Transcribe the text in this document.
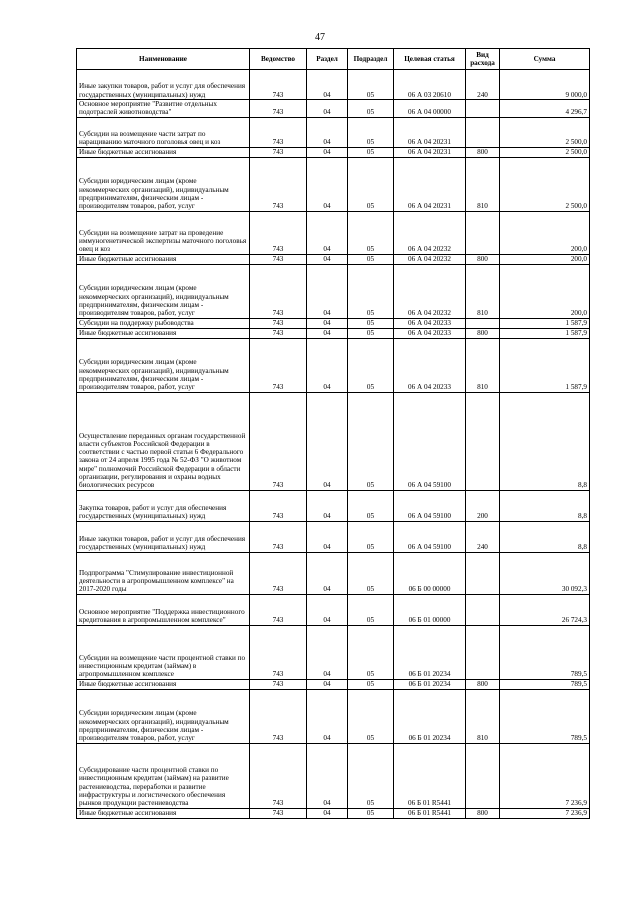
47
Наименование	Ведомство	Раздел	Подраздел	Целевая статья	Вид расхода	Сумма
Иные закупки товаров, работ и услуг для обеспечения государственных (муниципальных) нужд	743	04	05	06 А 03 20610	240	9 000,0
Основное мероприятие "Развитие отдельных подотраслей животноводства"	743	04	05	06 А 04 00000		4 296,7
Субсидии на возмещение части затрат по наращиванию маточного поголовья овец и коз	743	04	05	06 А 04 20231		2 500,0
Иные бюджетные ассигнования	743	04	05	06 А 04 20231	800	2 500,0
Субсидии юридическим лицам (кроме некоммерческих организаций), индивидуальным предпринимателям, физическим лицам - производителям товаров, работ, услуг	743	04	05	06 А 04 20231	810	2 500,0
Субсидии на возмещение затрат на проведение иммуногенетической экспертизы маточного поголовья овец и коз	743	04	05	06 А 04 20232		200,0
Иные бюджетные ассигнования	743	04	05	06 А 04 20232	800	200,0
Субсидии юридическим лицам (кроме некоммерческих организаций), индивидуальным предпринимателям, физическим лицам - производителям товаров, работ, услуг	743	04	05	06 А 04 20232	810	200,0
Субсидии на поддержку рыбоводства	743	04	05	06 А 04 20233		1 587,9
Иные бюджетные ассигнования	743	04	05	06 А 04 20233	800	1 587,9
Субсидии юридическим лицам (кроме некоммерческих организаций), индивидуальным предпринимателям, физическим лицам - производителям товаров, работ, услуг	743	04	05	06 А 04 20233	810	1 587,9
Осуществление переданных органам государственной власти субъектов Российской Федерации в соответствии с частью первой статьи 6 Федерального закона от 24 апреля 1995 года № 52-ФЗ "О животном мире" полномочий Российской Федерации в области организации, регулирования и охраны водных биологических ресурсов	743	04	05	06 А 04 59100		8,8
Закупка товаров, работ и услуг для обеспечения государственных (муниципальных) нужд	743	04	05	06 А 04 59100	200	8,8
Иные закупки товаров, работ и услуг для обеспечения государственных (муниципальных) нужд	743	04	05	06 А 04 59100	240	8,8
Подпрограмма "Стимулирование инвестиционной деятельности в агропромышленном комплексе" на 2017-2020 годы	743	04	05	06 Б 00 00000		30 092,3
Основное мероприятие "Поддержка инвестиционного кредитования в агропромышленном комплексе"	743	04	05	06 Б 01 00000		26 724,3
Субсидии на возмещение части процентной ставки по инвестиционным кредитам (займам) в агропромышленном комплексе	743	04	05	06 Б 01 20234		789,5
Иные бюджетные ассигнования	743	04	05	06 Б 01 20234	800	789,5
Субсидии юридическим лицам (кроме некоммерческих организаций), индивидуальным предпринимателям, физическим лицам - производителям товаров, работ, услуг	743	04	05	06 Б 01 20234	810	789,5
Субсидирование части процентной ставки по инвестиционным кредитам (займам) на развитие растениеводства, переработки и развитие инфраструктуры и логистического обеспечения рынков продукции растениеводства	743	04	05	06 Б 01 R5441		7 236,9
Иные бюджетные ассигнования	743	04	05	06 Б 01 R5441	800	7 236,9
